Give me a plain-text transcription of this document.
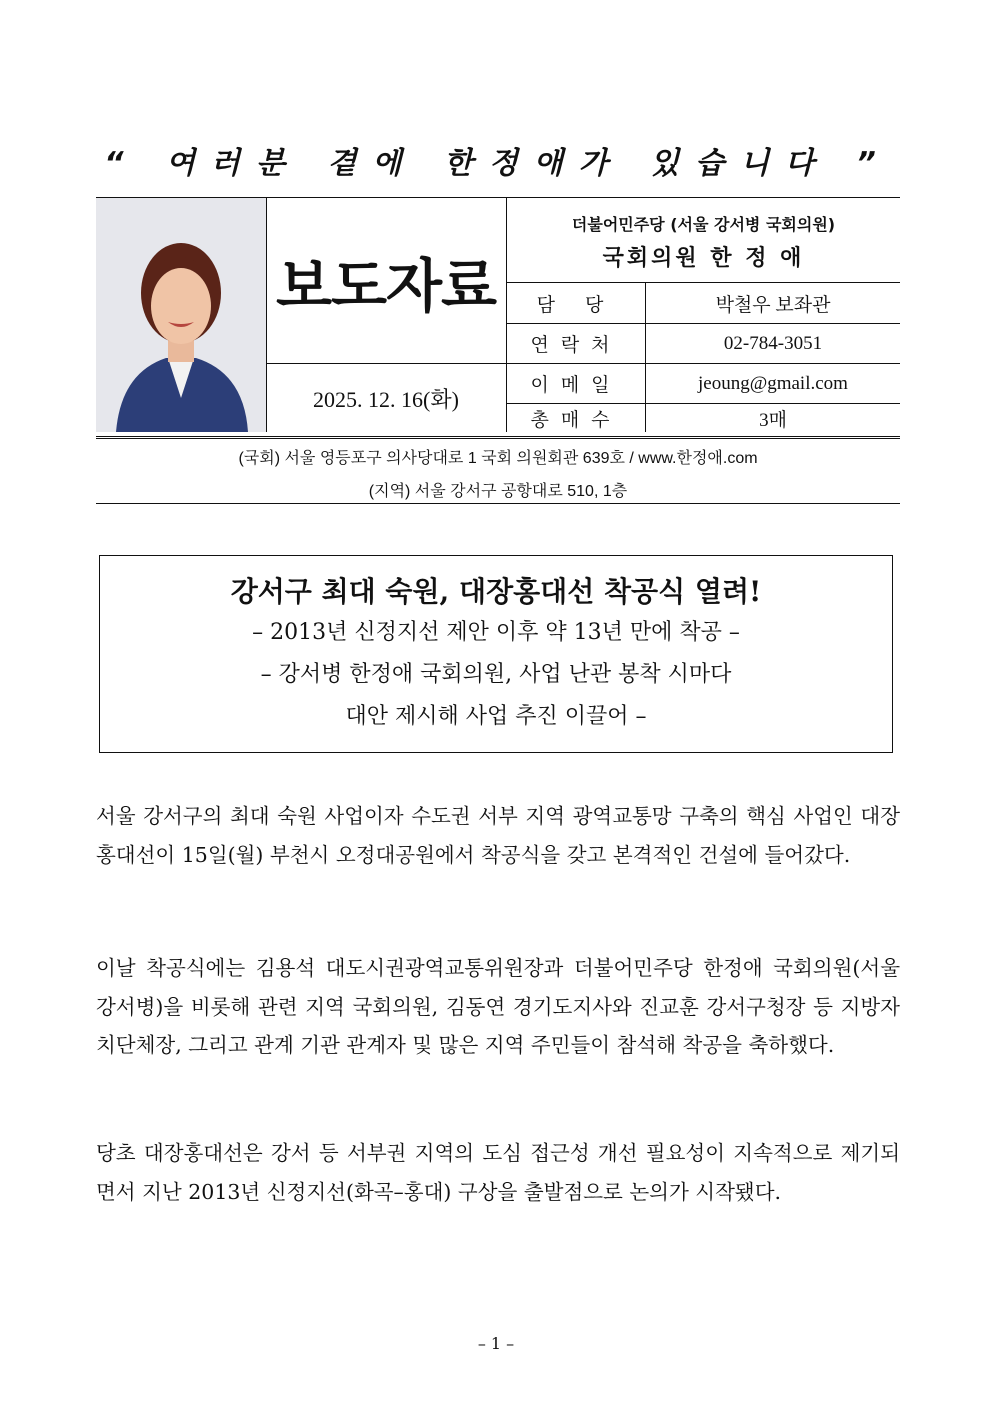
“ 여러분 곁에 한정애가 있습니다 ”
보도자료
2025. 12. 16(화)
더불어민주당 (서울 강서병 국회의원)
국회의원 한 정 애
담 당	박철우 보좌관
연락처	02-784-3051
이메일	jeoung@gmail.com
총매수	3매
(국회) 서울 영등포구 의사당대로 1 국회 의원회관 639호 / www.한정애.com
(지역) 서울 강서구 공항대로 510, 1층
강서구 최대 숙원, 대장홍대선 착공식 열려!
– 2013년 신정지선 제안 이후 약 13년 만에 착공 –
– 강서병 한정애 국회의원, 사업 난관 봉착 시마다
대안 제시해 사업 추진 이끌어 –
서울 강서구의 최대 숙원 사업이자 수도권 서부 지역 광역교통망 구축의 핵심 사업인 대장홍대선이 15일(월) 부천시 오정대공원에서 착공식을 갖고 본격적인 건설에 들어갔다.
이날 착공식에는 김용석 대도시권광역교통위원장과 더불어민주당 한정애 국회의원(서울 강서병)을 비롯해 관련 지역 국회의원, 김동연 경기도지사와 진교훈 강서구청장 등 지방자치단체장, 그리고 관계 기관 관계자 및 많은 지역 주민들이 참석해 착공을 축하했다.
당초 대장홍대선은 강서 등 서부권 지역의 도심 접근성 개선 필요성이 지속적으로 제기되면서 지난 2013년 신정지선(화곡–홍대) 구상을 출발점으로 논의가 시작됐다.
– 1 –
